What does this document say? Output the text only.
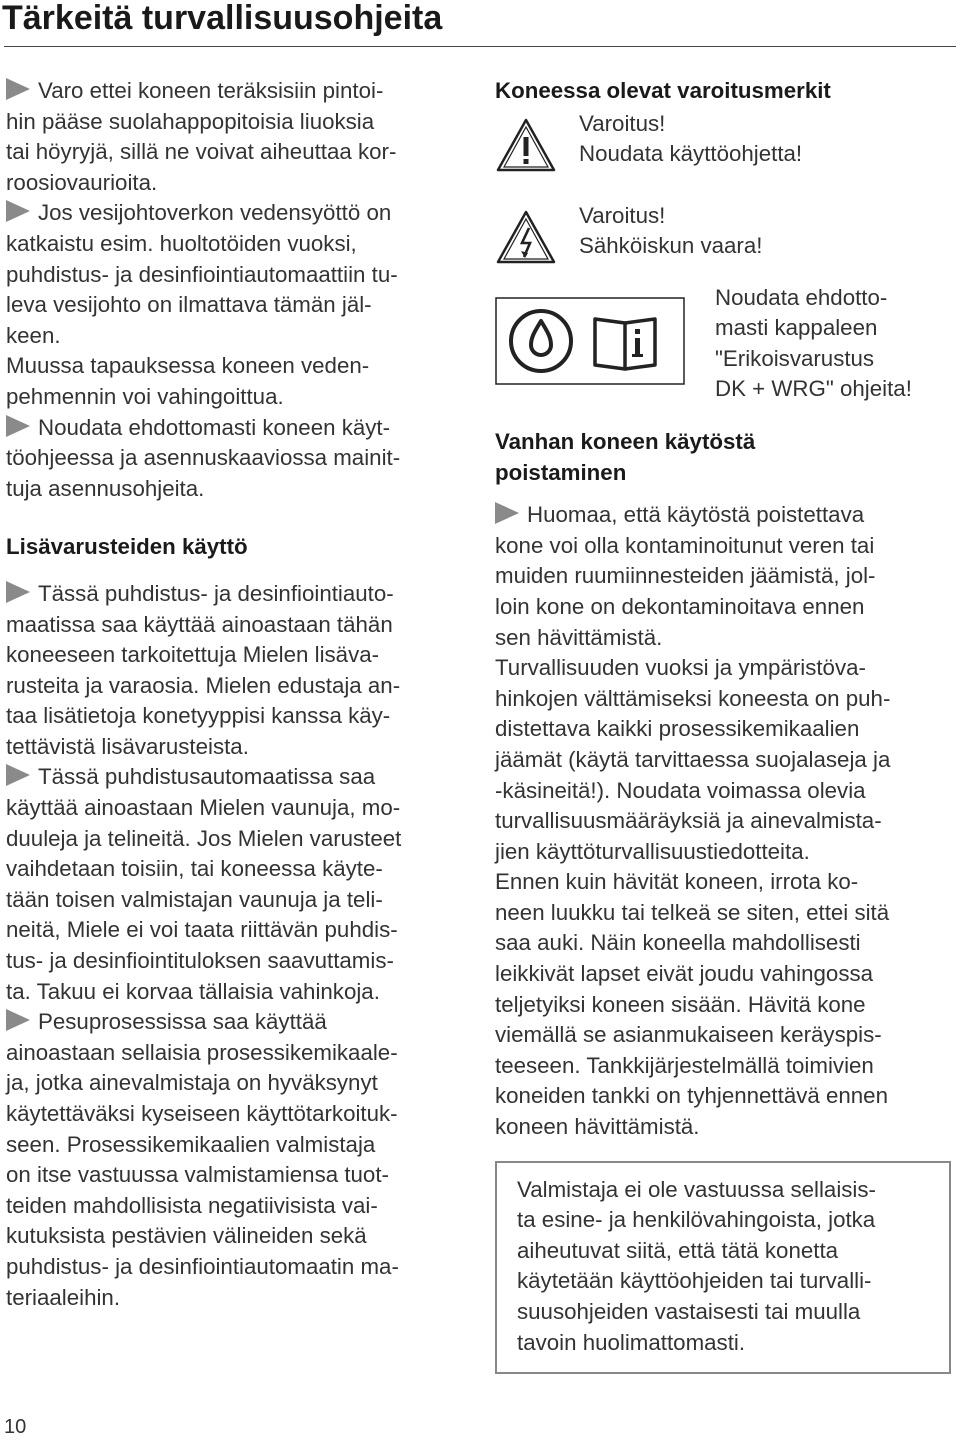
Tärkeitä turvallisuusohjeita

Varo ettei koneen teräksisiin pintoi-
hin pääse suolahappopitoisia liuoksia
tai höyryjä, sillä ne voivat aiheuttaa kor-
roosiovaurioita.

Jos vesijohtoverkon vedensyöttö on
katkaistu esim. huoltotöiden vuoksi,
puhdistus- ja desinfiointiautomaattiin tu-
leva vesijohto on ilmattava tämän jäl-
keen.
Muussa tapauksessa koneen veden-
pehmennin voi vahingoittua.

Noudata ehdottomasti koneen käyt-
töohjeessa ja asennuskaaviossa mainit-
tuja asennusohjeita.

Lisävarusteiden käyttö

Tässä puhdistus- ja desinfiointiauto-
maatissa saa käyttää ainoastaan tähän
koneeseen tarkoitettuja Mielen lisäva-
rusteita ja varaosia. Mielen edustaja an-
taa lisätietoja konetyyppisi kanssa käy-
tettävistä lisävarusteista.

Tässä puhdistusautomaatissa saa
käyttää ainoastaan Mielen vaunuja, mo-
duuleja ja telineitä. Jos Mielen varusteet
vaihdetaan toisiin, tai koneessa käyte-
tään toisen valmistajan vaunuja ja teli-
neitä, Miele ei voi taata riittävän puhdis-
tus- ja desinfiointituloksen saavuttamis-
ta. Takuu ei korvaa tällaisia vahinkoja.

Pesuprosessissa saa käyttää
ainoastaan sellaisia prosessikemikaale-
ja, jotka ainevalmistaja on hyväksynyt
käytettäväksi kyseiseen käyttötarkoituk-
seen. Prosessikemikaalien valmistaja
on itse vastuussa valmistamiensa tuot-
teiden mahdollisista negatiivisista vai-
kutuksista pestävien välineiden sekä
puhdistus- ja desinfiointiautomaatin ma-
teriaaleihin.

Koneessa olevat varoitusmerkit
Varoitus!
Noudata käyttöohjetta!
Varoitus!
Sähköiskun vaara!
Noudata ehdotto-
masti kappaleen
"Erikoisvarustus
DK + WRG" ohjeita!
Vanhan koneen käytöstä
poistaminen

Huomaa, että käytöstä poistettava
kone voi olla kontaminoitunut veren tai
muiden ruumiinnesteiden jäämistä, jol-
loin kone on dekontaminoitava ennen
sen hävittämistä.
Turvallisuuden vuoksi ja ympäristöva-
hinkojen välttämiseksi koneesta on puh-
distettava kaikki prosessikemikaalien
jäämät (käytä tarvittaessa suojalaseja ja
-käsineitä!). Noudata voimassa olevia
turvallisuusmääräyksiä ja ainevalmista-
jien käyttöturvallisuustiedotteita.
Ennen kuin hävität koneen, irrota ko-
neen luukku tai telkeä se siten, ettei sitä
saa auki. Näin koneella mahdollisesti
leikkivät lapset eivät joudu vahingossa
teljetyiksi koneen sisään. Hävitä kone
viemällä se asianmukaiseen keräyspis-
teeseen. Tankkijärjestelmällä toimivien
koneiden tankki on tyhjennettävä ennen
koneen hävittämistä.

Valmistaja ei ole vastuussa sellaisis-
ta esine- ja henkilövahingoista, jotka
aiheutuvat siitä, että tätä konetta
käytetään käyttöohjeiden tai turvalli-
suusohjeiden vastaisesti tai muulla
tavoin huolimattomasti.
10
